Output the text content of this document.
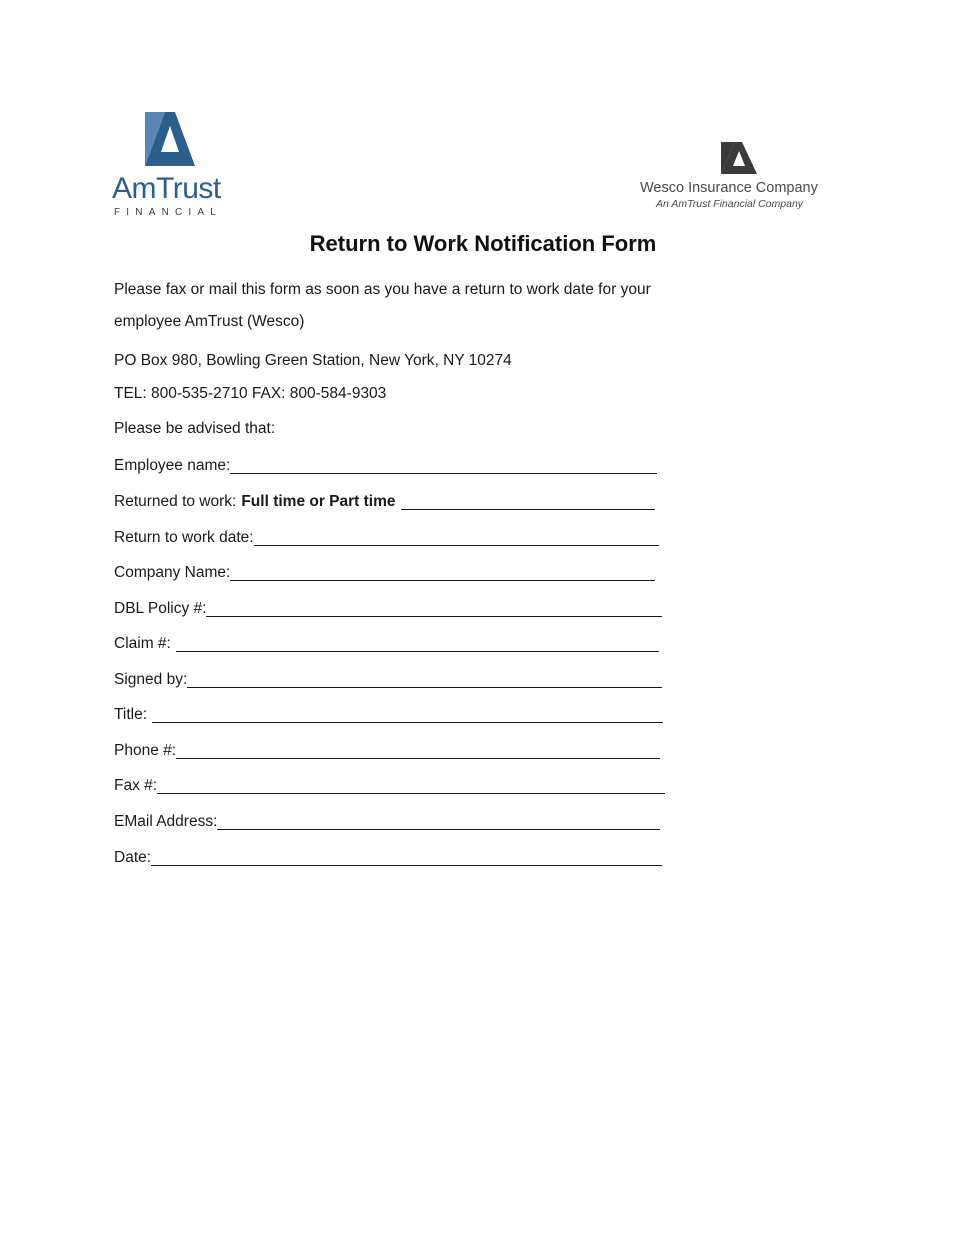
AmTrust
FINANCIAL
Wesco Insurance Company
An AmTrust Financial Company
Return to Work Notification Form
Please fax or mail this form as soon as you have a return to work date for your
employee AmTrust (Wesco)
PO Box 980, Bowling Green Station, New York, NY 10274
TEL: 800-535-2710 FAX: 800-584-9303
Please be advised that:
Employee name:
Returned to work: Full time or Part time
Return to work date:
Company Name:
DBL Policy #:
Claim #:
Signed by:
Title:
Phone #:
Fax #:
EMail Address:
Date:
